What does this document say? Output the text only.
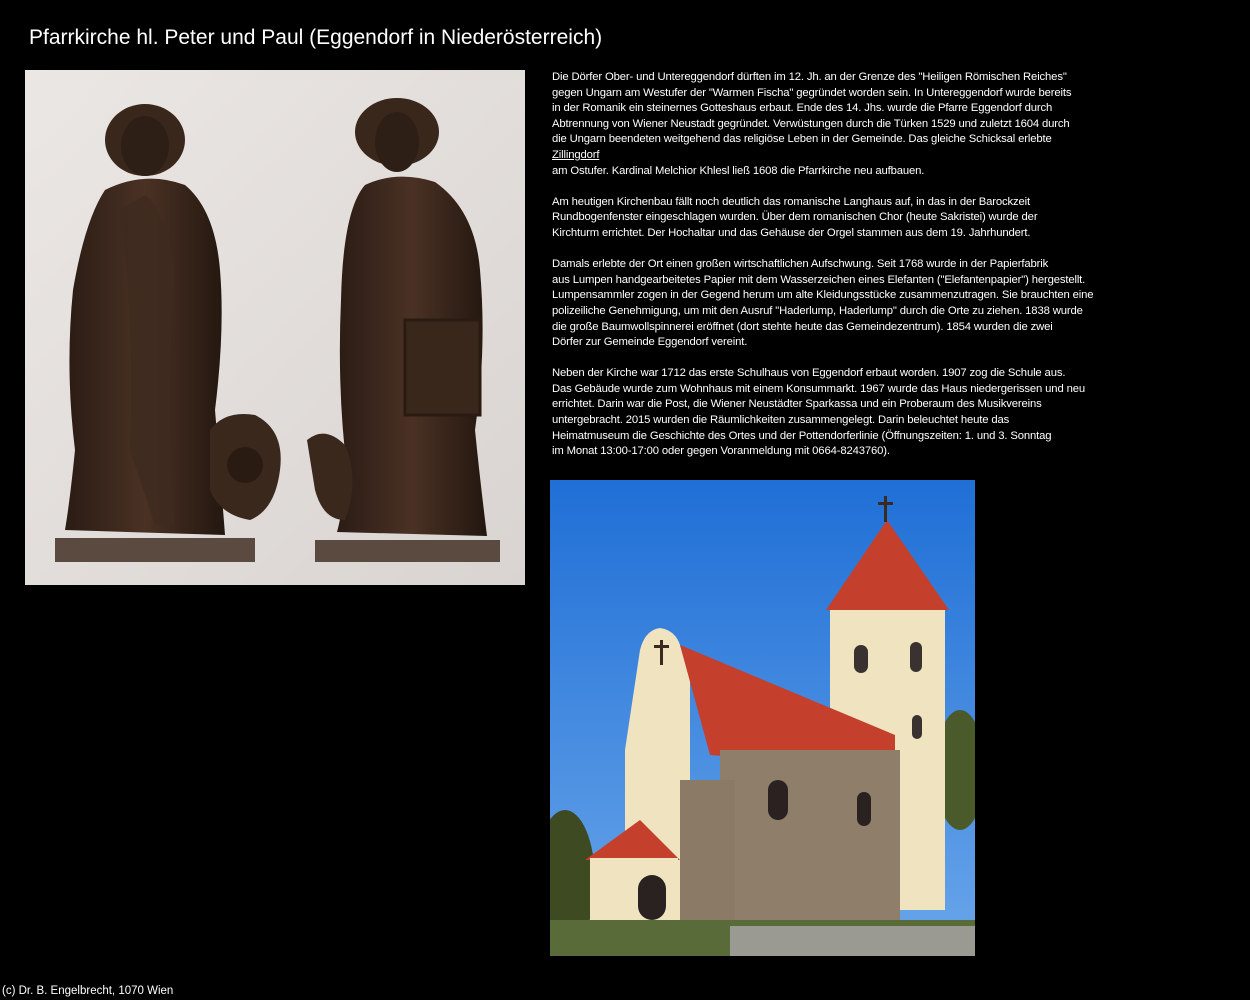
Pfarrkirche hl. Peter und Paul (Eggendorf in Niederösterreich)
Die Dörfer Ober- und Untereggendorf dürften im 12. Jh. an der Grenze des "Heiligen Römischen Reiches"
gegen Ungarn am Westufer der "Warmen Fischa" gegründet worden sein. In Untereggendorf wurde bereits
in der Romanik ein steinernes Gotteshaus erbaut. Ende des 14. Jhs. wurde die Pfarre Eggendorf durch
Abtrennung von Wiener Neustadt gegründet. Verwüstungen durch die Türken 1529 und zuletzt 1604 durch
die Ungarn beendeten weitgehend das religiöse Leben in der Gemeinde. Das gleiche Schicksal erlebte
Zillingdorf
am Ostufer. Kardinal Melchior Khlesl ließ 1608 die Pfarrkirche neu aufbauen.
Am heutigen Kirchenbau fällt noch deutlich das romanische Langhaus auf, in das in der Barockzeit
Rundbogenfenster eingeschlagen wurden. Über dem romanischen Chor (heute Sakristei) wurde der
Kirchturm errichtet. Der Hochaltar und das Gehäuse der Orgel stammen aus dem 19. Jahrhundert.
Damals erlebte der Ort einen großen wirtschaftlichen Aufschwung. Seit 1768 wurde in der Papierfabrik
aus Lumpen handgearbeitetes Papier mit dem Wasserzeichen eines Elefanten ("Elefantenpapier") hergestellt.
Lumpensammler zogen in der Gegend herum um alte Kleidungsstücke zusammenzutragen. Sie brauchten eine
polizeiliche Genehmigung, um mit den Ausruf "Haderlump, Haderlump" durch die Orte zu ziehen. 1838 wurde
die große Baumwollspinnerei eröffnet (dort stehte heute das Gemeindezentrum). 1854 wurden die zwei
Dörfer zur Gemeinde Eggendorf vereint.
Neben der Kirche war 1712 das erste Schulhaus von Eggendorf erbaut worden. 1907 zog die Schule aus.
Das Gebäude wurde zum Wohnhaus mit einem Konsummarkt. 1967 wurde das Haus niedergerissen und neu
errichtet. Darin war die Post, die Wiener Neustädter Sparkassa und ein Proberaum des Musikvereins
untergebracht. 2015 wurden die Räumlichkeiten zusammengelegt. Darin beleuchtet heute das
Heimatmuseum die Geschichte des Ortes und der Pottendorferlinie (Öffnungszeiten: 1. und 3. Sonntag
im Monat 13:00-17:00 oder gegen Voranmeldung mit 0664-8243760).
(c) Dr. B. Engelbrecht, 1070 Wien
